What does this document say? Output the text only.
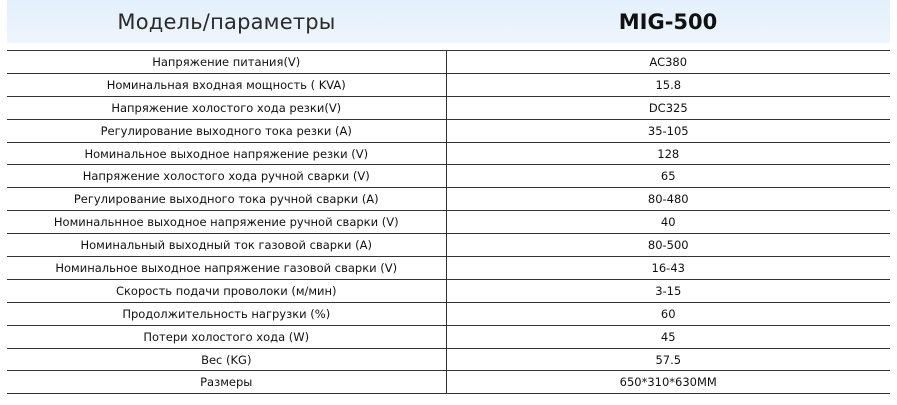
Модель/параметры	MIG-500
Напряжение питания(V)	AC380
Номинальная входная мощность ( KVA)	15.8
Напряжение холостого хода резки(V)	DC325
Регулирование выходного тока резки (A)	35-105
Номинальное выходное напряжение резки (V)	128
Напряжение холостого хода ручной сварки (V)	65
Регулирование выходного тока ручной сварки (A)	80-480
Номинальнное выходное напряжение ручной сварки (V)	40
Номинальный выходный ток газовой сварки (A)	80-500
Номинальное выходное напряжение газовой сварки (V)	16-43
Скорость подачи проволоки (м/мин)	3-15
Продолжительность нагрузки (%)	60
Потери холостого хода (W)	45
Вес (KG)	57.5
Размеры	650*310*630MM
